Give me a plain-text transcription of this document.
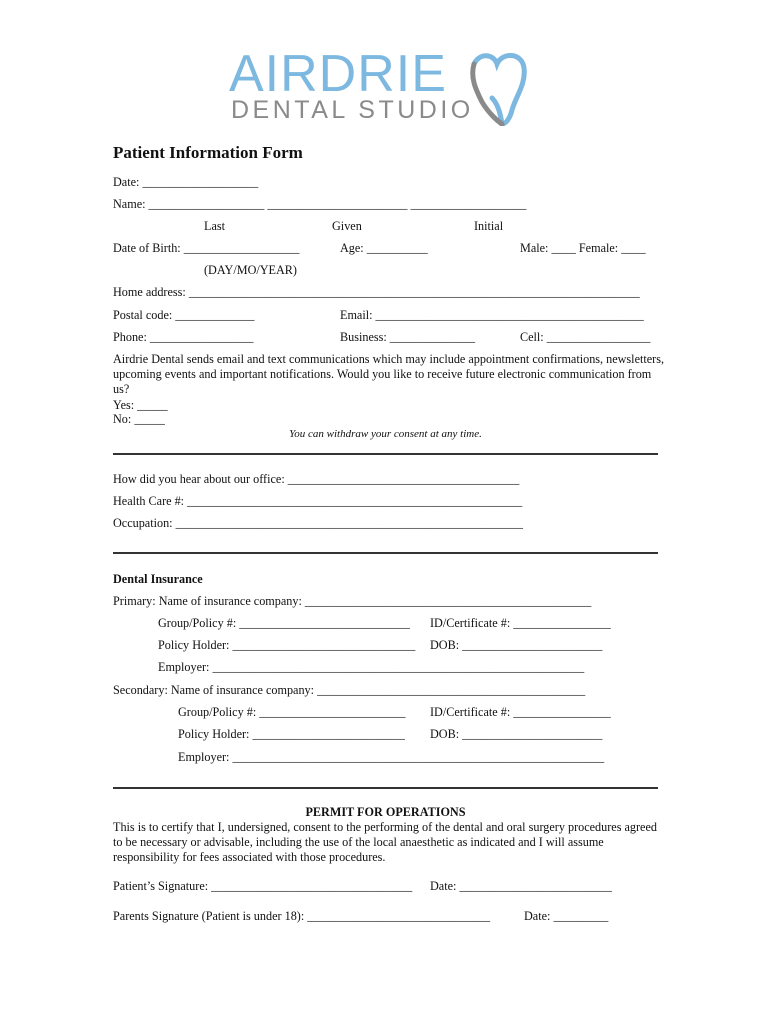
AIRDRIE
DENTAL STUDIO
Patient Information Form
Date: ___________________
Name: ___________________ _______________________ ___________________
Last	Given	Initial
Date of Birth: ___________________	Age: __________	Male: ____ Female: ____
(DAY/MO/YEAR)
Home address: __________________________________________________________________________
Postal code: _____________	Email: ____________________________________________
Phone: _________________	Business: ______________	Cell: _________________
Airdrie Dental sends email and text communications which may include appointment confirmations, newsletters, upcoming events and important notifications. Would you like to receive future electronic communication from us?
Yes: _____
No: _____
You can withdraw your consent at any time.
How did you hear about our office: ______________________________________
Health Care #: _______________________________________________________
Occupation: _________________________________________________________
Dental Insurance
Primary: Name of insurance company: _______________________________________________
Group/Policy #: ____________________________ ID/Certificate #: ________________
Policy Holder: ______________________________ DOB: _______________________
Employer: _____________________________________________________________
Secondary: Name of insurance company: ____________________________________________
Group/Policy #: ________________________ ID/Certificate #: ________________
Policy Holder: _________________________ DOB: _______________________
Employer: _____________________________________________________________
PERMIT FOR OPERATIONS
This is to certify that I, undersigned, consent to the performing of the dental and oral surgery procedures agreed to be necessary or advisable, including the use of the local anaesthetic as indicated and I will assume responsibility for fees associated with those procedures.
Patient’s Signature: _________________________________ Date: _________________________
Parents Signature (Patient is under 18): ______________________________	Date: _________
